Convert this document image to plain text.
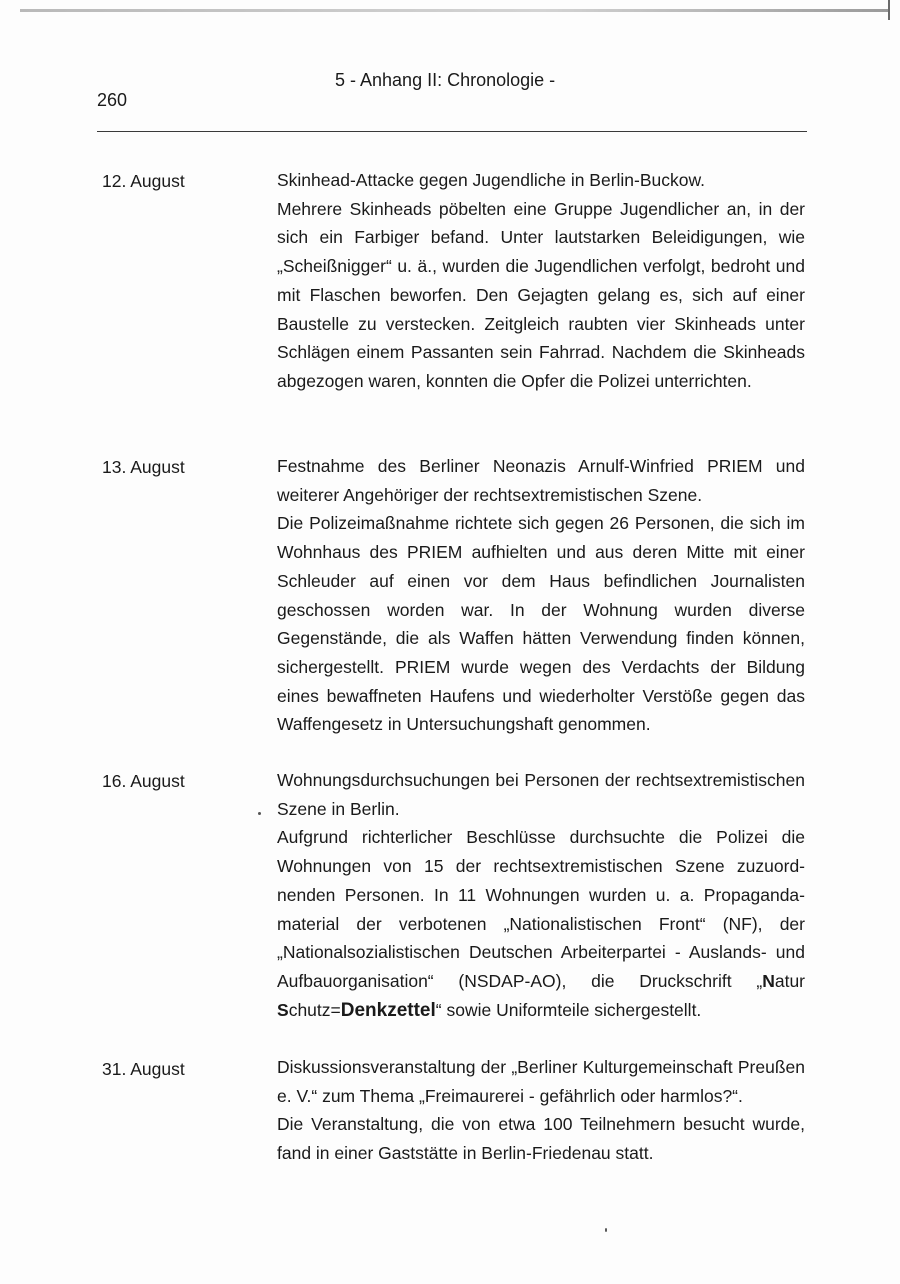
260
5 - Anhang II: Chronologie -
12. August	Skinhead-Attacke gegen Jugendliche in Berlin-Buckow.

Mehrere Skinheads pöbelten eine Gruppe Jugendlicher an, in der sich ein Farbiger befand. Unter lautstarken Beleidigungen, wie „Scheißnigger“ u. ä., wurden die Jugendlichen verfolgt, bedroht und mit Flaschen beworfen. Den Gejagten gelang es, sich auf einer Baustelle zu verstecken. Zeitgleich raubten vier Skinheads unter Schlägen einem Passanten sein Fahrrad. Nachdem die Skinheads abgezogen waren, konnten die Opfer die Polizei unterrichten.

13. August	Festnahme des Berliner Neonazis Arnulf-Winfried PRIEM und weiterer Angehöriger der rechtsextremistischen Szene.

Die Polizeimaßnahme richtete sich gegen 26 Personen, die sich im Wohnhaus des PRIEM aufhielten und aus deren Mitte mit einer Schleuder auf einen vor dem Haus befindlichen Journalisten geschossen worden war. In der Wohnung wurden diverse Gegenstände, die als Waffen hätten Verwendung finden können, sichergestellt. PRIEM wurde wegen des Verdachts der Bildung eines bewaffneten Haufens und wiederholter Verstöße gegen das Waffengesetz in Untersuchungshaft genommen.

16. August	Wohnungsdurchsuchungen bei Personen der rechtsextremistischen Szene in Berlin.

Aufgrund richterlicher Beschlüsse durchsuchte die Polizei die Wohnungen von 15 der rechtsextremistischen Szene zuzuordnenden Personen. In 11 Wohnungen wurden u. a. Propagandamaterial der verbotenen „Nationalistischen Front“ (NF), der „Nationalsozialistischen Deutschen Arbeiterpartei - Auslands- und Aufbauorganisation“ (NSDAP-AO), die Druckschrift „Natur Schutz=Denkzettel“ sowie Uniformteile sichergestellt.

31. August	Diskussionsveranstaltung der „Berliner Kulturgemeinschaft Preußen e. V.“ zum Thema „Freimaurerei - gefährlich oder harmlos?“.

Die Veranstaltung, die von etwa 100 Teilnehmern besucht wurde, fand in einer Gaststätte in Berlin-Friedenau statt.
